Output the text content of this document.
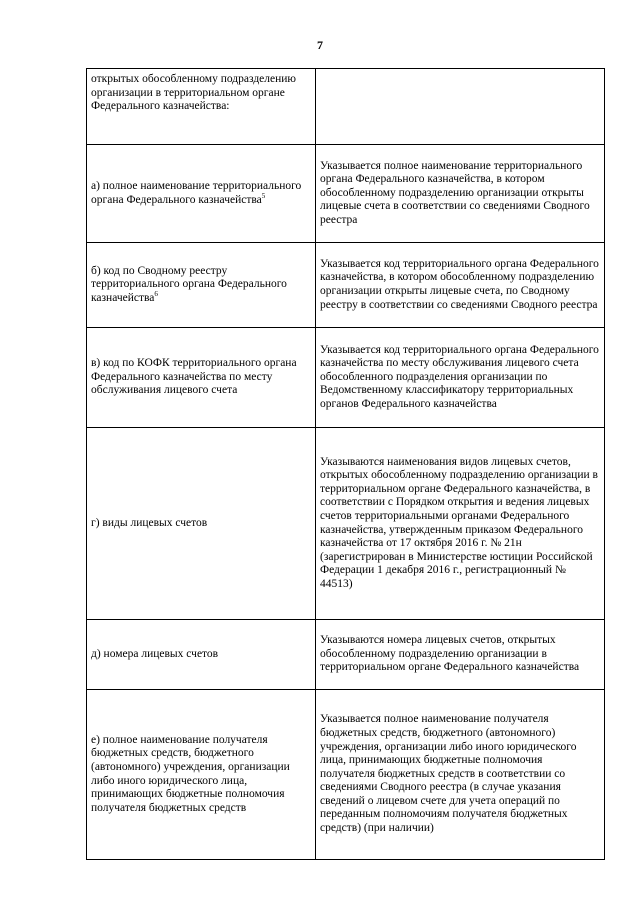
7
открытых обособленному подразделению организации в территориальном органе Федерального казначейства:	
а) полное наименование территориального органа Федерального казначейства$^5$	Указывается полное наименование территориального органа Федерального казначейства, в котором обособленному подразделению организации открыты лицевые счета в соответствии со сведениями Сводного реестра
б) код по Сводному реестру территориального органа Федерального казначейства$^6$	Указывается код территориального органа Федерального казначейства, в котором обособленному подразделению организации открыты лицевые счета, по Сводному реестру в соответствии со сведениями Сводного реестра
в) код по КОФК территориального органа Федерального казначейства по месту обслуживания лицевого счета	Указывается код территориального органа Федерального казначейства по месту обслуживания лицевого счета обособленного подразделения организации по Ведомственному классификатору территориальных органов Федерального казначейства
г) виды лицевых счетов	Указываются наименования видов лицевых счетов, открытых обособленному подразделению организации в территориальном органе Федерального казначейства, в соответствии с Порядком открытия и ведения лицевых счетов территориальными органами Федерального казначейства, утвержденным приказом Федерального казначейства от 17 октября 2016 г. № 21н (зарегистрирован в Министерстве юстиции Российской Федерации 1 декабря 2016 г., регистрационный № 44513)
д) номера лицевых счетов	Указываются номера лицевых счетов, открытых обособленному подразделению организации в территориальном органе Федерального казначейства
е) полное наименование получателя бюджетных средств, бюджетного (автономного) учреждения, организации либо иного юридического лица, принимающих бюджетные полномочия получателя бюджетных средств	Указывается полное наименование получателя бюджетных средств, бюджетного (автономного) учреждения, организации либо иного юридического лица, принимающих бюджетные полномочия получателя бюджетных средств в соответствии со сведениями Сводного реестра (в случае указания сведений о лицевом счете для учета операций по переданным полномочиям получателя бюджетных средств) (при наличии)
